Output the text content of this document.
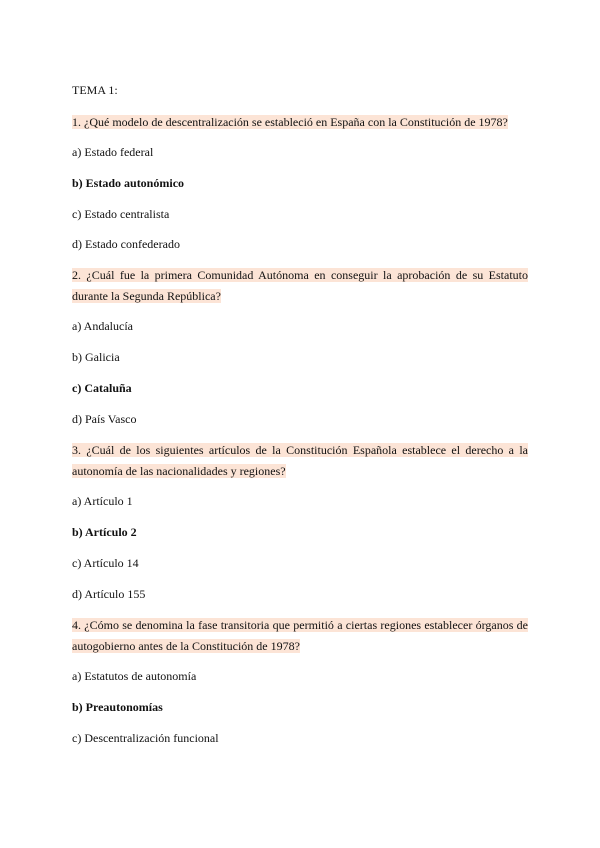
TEMA 1:
1. ¿Qué modelo de descentralización se estableció en España con la Constitución de 1978?
a) Estado federal
b) Estado autonómico
c) Estado centralista
d) Estado confederado
2. ¿Cuál fue la primera Comunidad Autónoma en conseguir la aprobación de su Estatuto durante la Segunda República?
a) Andalucía
b) Galicia
c) Cataluña
d) País Vasco
3. ¿Cuál de los siguientes artículos de la Constitución Española establece el derecho a la autonomía de las nacionalidades y regiones?
a) Artículo 1
b) Artículo 2
c) Artículo 14
d) Artículo 155
4. ¿Cómo se denomina la fase transitoria que permitió a ciertas regiones establecer órganos de autogobierno antes de la Constitución de 1978?
a) Estatutos de autonomía
b) Preautonomías
c) Descentralización funcional
